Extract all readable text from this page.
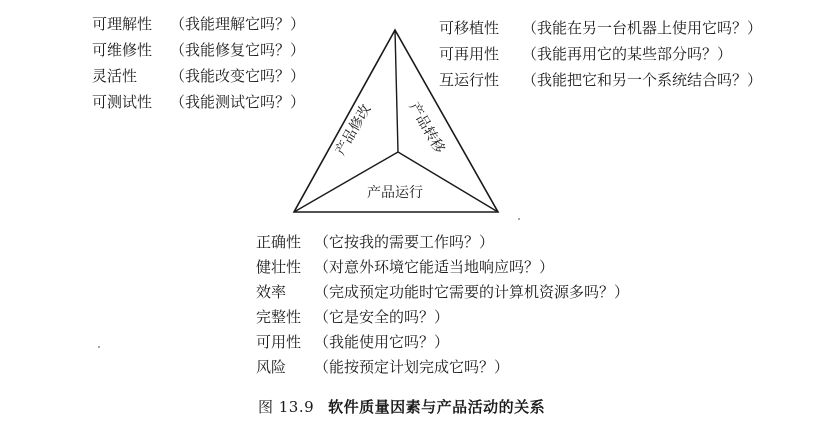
可理解性 （我能理解它吗？）
可维修性 （我能修复它吗？）
灵活性 （我能改变它吗？）
可测试性 （我能测试它吗？）
可移植性 （我能在另一台机器上使用它吗？）
可再用性 （我能再用它的某些部分吗？）
互运行性 （我能把它和另一个系统结合吗？）
产品修改 产品转移
产品运行
正确性 （它按我的需要工作吗？）
健壮性 （对意外环境它能适当地响应吗？）
效率 （完成预定功能时它需要的计算机资源多吗？）
完整性 （它是安全的吗？）
可用性 （我能使用它吗？）
风险 （能按预定计划完成它吗？）
图 13.9 软件质量因素与产品活动的关系
